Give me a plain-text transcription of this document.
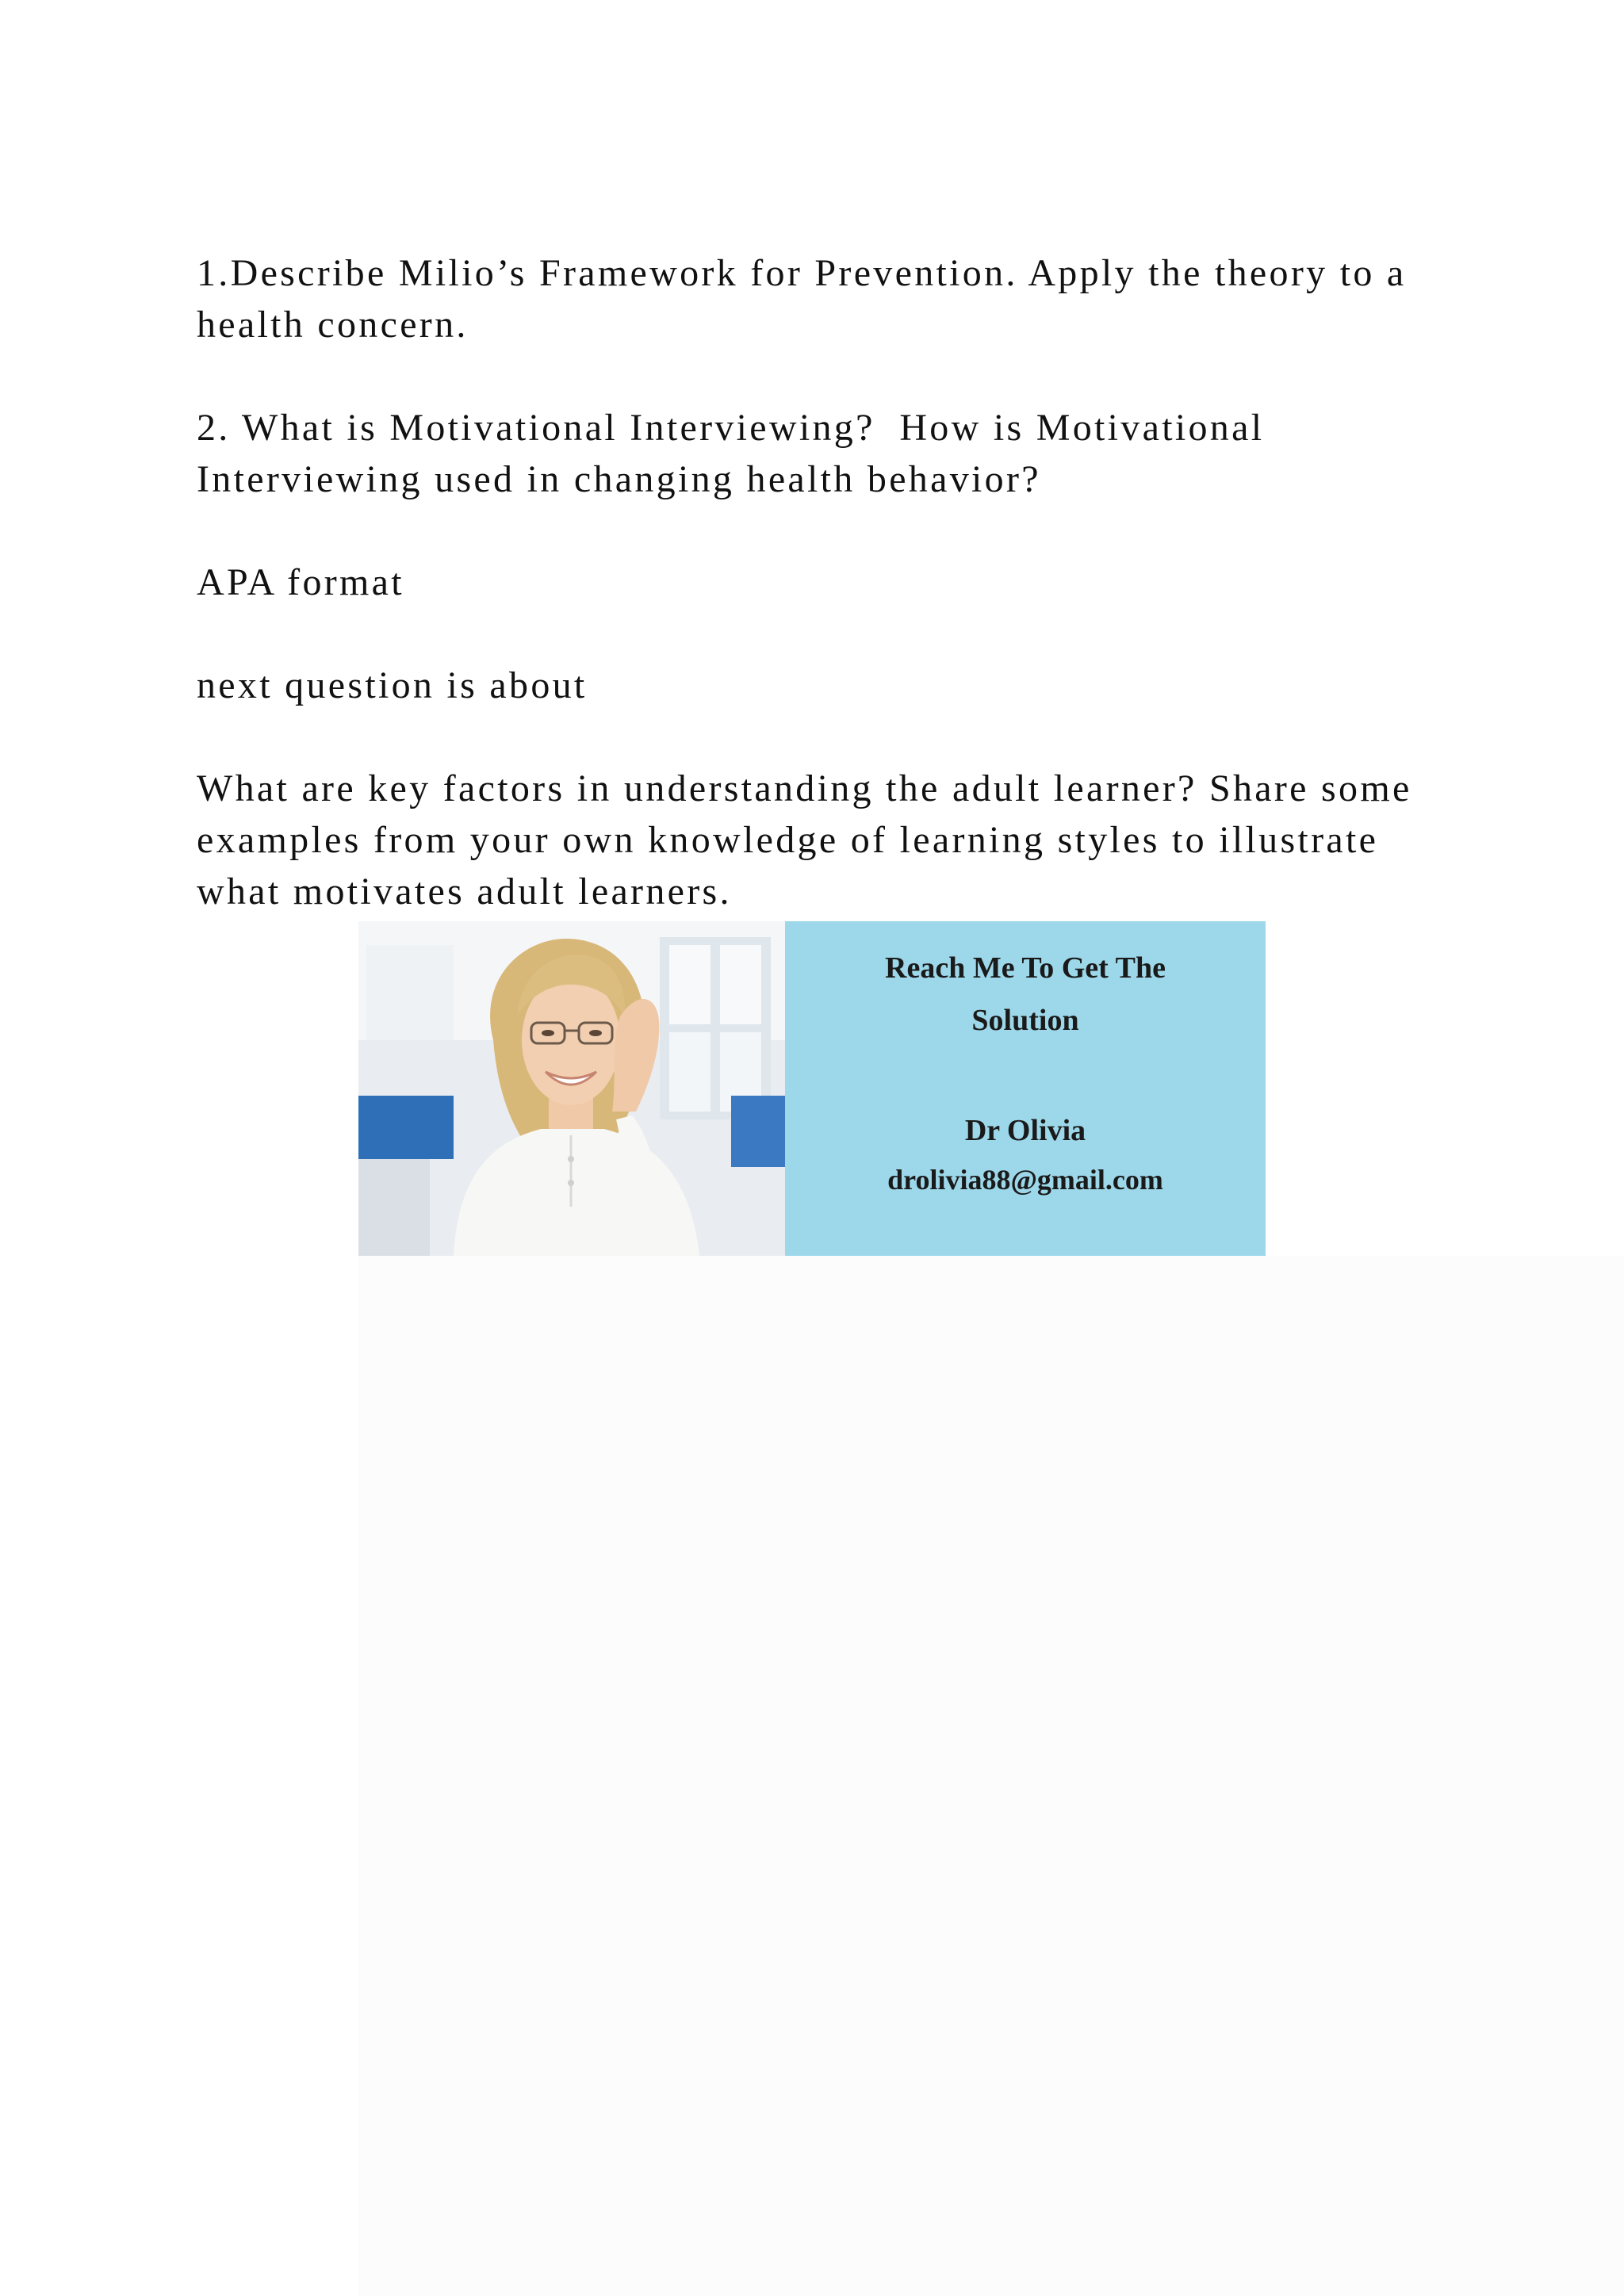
1.Describe Milio’s Framework for Prevention. Apply the theory to a health concern.

2. What is Motivational Interviewing?  How is Motivational Interviewing used in changing health behavior?

APA format

next question is about

What are key factors in understanding the adult learner? Share some examples from your own knowledge of learning styles to illustrate what motivates adult learners.

Reach Me To Get The
Solution
Dr Olivia
drolivia88@gmail.com
